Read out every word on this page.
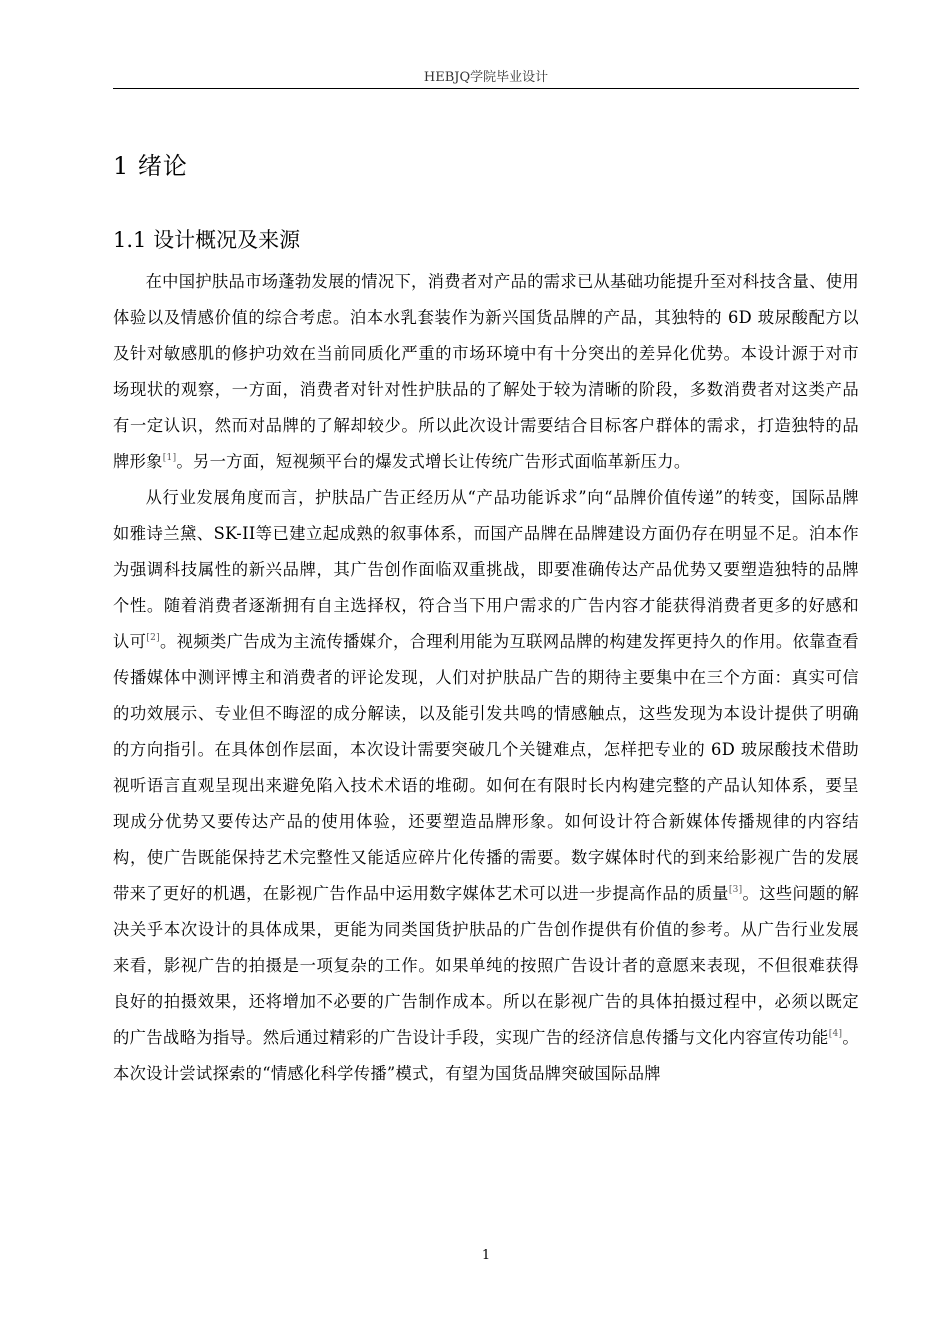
HEBJQ学院毕业设计
1 绪论
1.1 设计概况及来源

在中国护肤品市场蓬勃发展的情况下，消费者对产品的需求已从基础功能提升至对科技含量、使用体验以及情感价值的综合考虑。泊本水乳套装作为新兴国货品牌的产品，其独特的 6D 玻尿酸配方以及针对敏感肌的修护功效在当前同质化严重的市场环境中有十分突出的差异化优势。本设计源于对市场现状的观察，一方面，消费者对针对性护肤品的了解处于较为清晰的阶段，多数消费者对这类产品有一定认识，然而对品牌的了解却较少。所以此次设计需要结合目标客户群体的需求，打造独特的品牌形象[1]。另一方面，短视频平台的爆发式增长让传统广告形式面临革新压力。

从行业发展角度而言，护肤品广告正经历从“产品功能诉求”向“品牌价值传递”的转变，国际品牌如雅诗兰黛、SK-II等已建立起成熟的叙事体系，而国产品牌在品牌建设方面仍存在明显不足。泊本作为强调科技属性的新兴品牌，其广告创作面临双重挑战，即要准确传达产品优势又要塑造独特的品牌个性。随着消费者逐渐拥有自主选择权，符合当下用户需求的广告内容才能获得消费者更多的好感和认可[2]。视频类广告成为主流传播媒介，合理利用能为互联网品牌的构建发挥更持久的作用。依靠查看传播媒体中测评博主和消费者的评论发现，人们对护肤品广告的期待主要集中在三个方面：真实可信的功效展示、专业但不晦涩的成分解读，以及能引发共鸣的情感触点，这些发现为本设计提供了明确的方向指引。在具体创作层面，本次设计需要突破几个关键难点，怎样把专业的 6D 玻尿酸技术借助视听语言直观呈现出来避免陷入技术术语的堆砌。如何在有限时长内构建完整的产品认知体系，要呈现成分优势又要传达产品的使用体验，还要塑造品牌形象。如何设计符合新媒体传播规律的内容结构，使广告既能保持艺术完整性又能适应碎片化传播的需要。数字媒体时代的到来给影视广告的发展带来了更好的机遇，在影视广告作品中运用数字媒体艺术可以进一步提高作品的质量[3]。这些问题的解决关乎本次设计的具体成果，更能为同类国货护肤品的广告创作提供有价值的参考。从广告行业发展来看，影视广告的拍摄是一项复杂的工作。如果单纯的按照广告设计者的意愿来表现，不但很难获得良好的拍摄效果，还将增加不必要的广告制作成本。所以在影视广告的具体拍摄过程中，必须以既定的广告战略为指导。然后通过精彩的广告设计手段，实现广告的经济信息传播与文化内容宣传功能[4]。本次设计尝试探索的“情感化科学传播”模式，有望为国货品牌突破国际品牌

1
